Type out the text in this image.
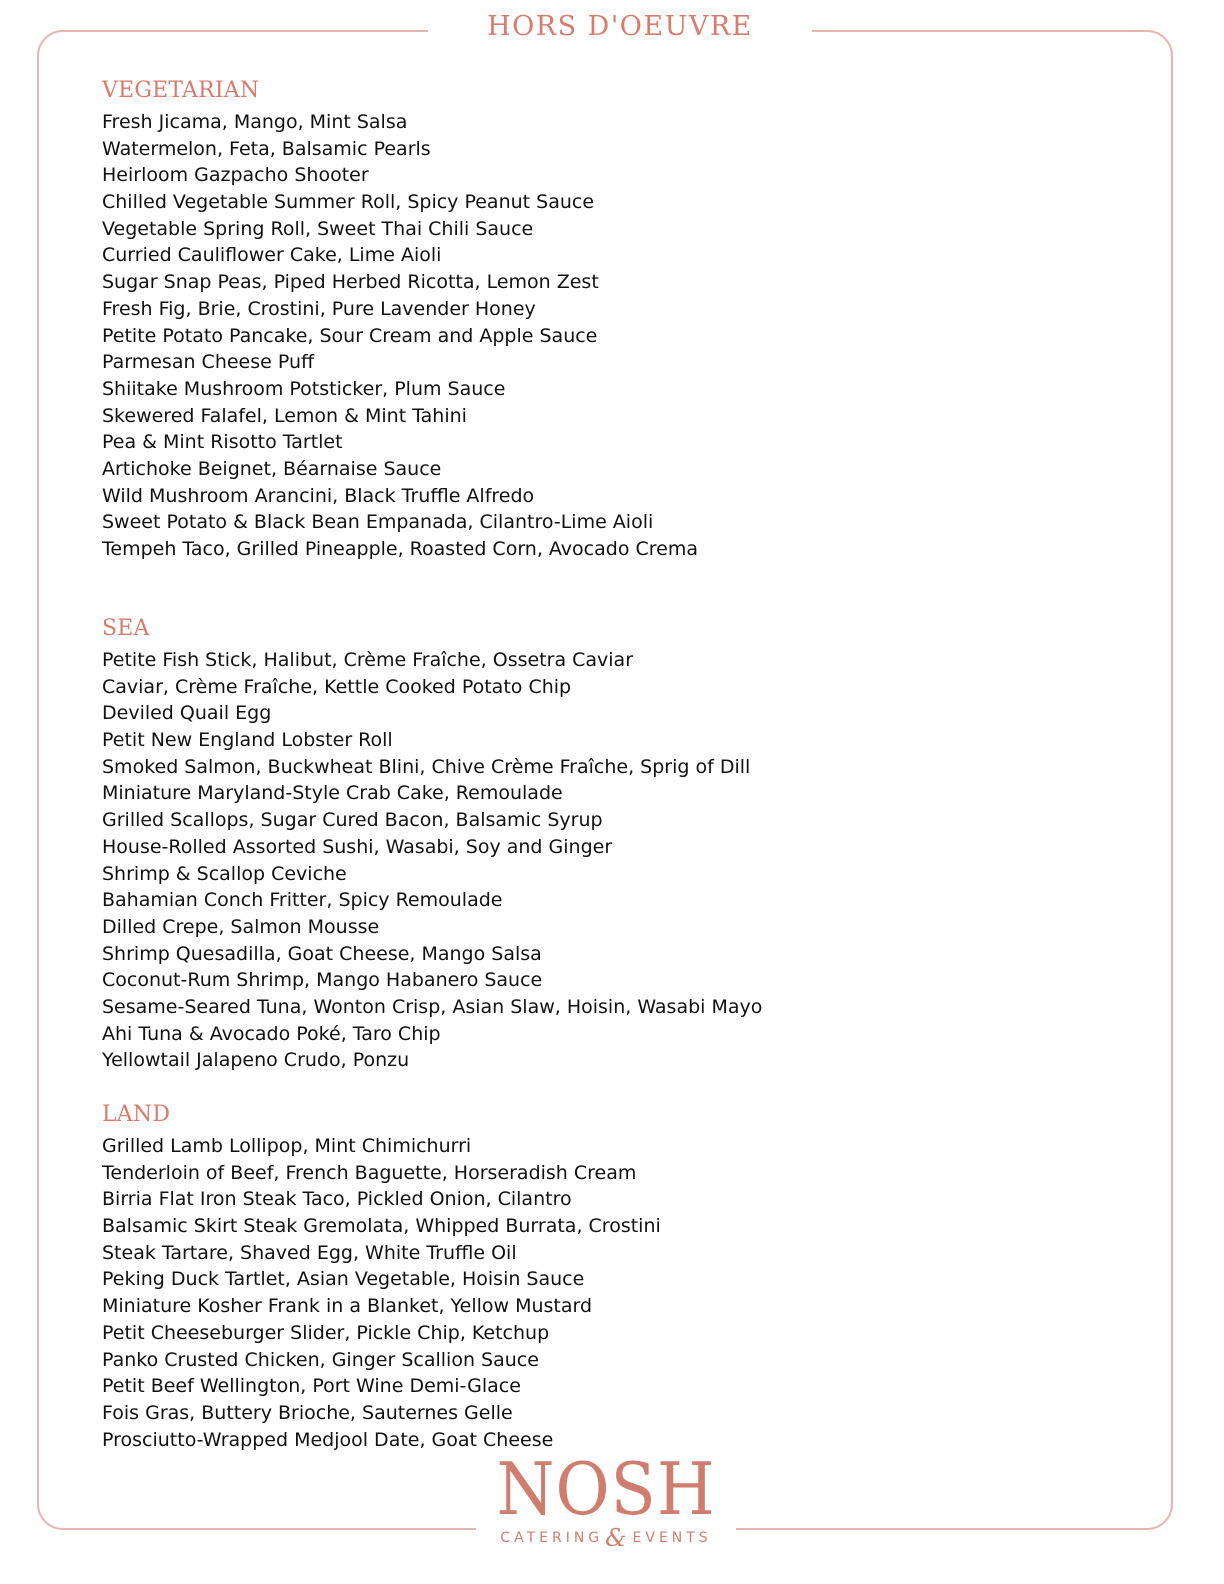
HORS D'OEUVRE
VEGETARIAN
Fresh Jicama, Mango, Mint Salsa
Watermelon, Feta, Balsamic Pearls
Heirloom Gazpacho Shooter
Chilled Vegetable Summer Roll, Spicy Peanut Sauce
Vegetable Spring Roll, Sweet Thai Chili Sauce
Curried Cauliflower Cake, Lime Aioli
Sugar Snap Peas, Piped Herbed Ricotta, Lemon Zest
Fresh Fig, Brie, Crostini, Pure Lavender Honey
Petite Potato Pancake, Sour Cream and Apple Sauce
Parmesan Cheese Puff
Shiitake Mushroom Potsticker, Plum Sauce
Skewered Falafel, Lemon & Mint Tahini
Pea & Mint Risotto Tartlet
Artichoke Beignet, Béarnaise Sauce
Wild Mushroom Arancini, Black Truffle Alfredo
Sweet Potato & Black Bean Empanada, Cilantro-Lime Aioli
Tempeh Taco, Grilled Pineapple, Roasted Corn, Avocado Crema
SEA
Petite Fish Stick, Halibut, Crème Fraîche, Ossetra Caviar
Caviar, Crème Fraîche, Kettle Cooked Potato Chip
Deviled Quail Egg
Petit New England Lobster Roll
Smoked Salmon, Buckwheat Blini, Chive Crème Fraîche, Sprig of Dill
Miniature Maryland-Style Crab Cake, Remoulade
Grilled Scallops, Sugar Cured Bacon, Balsamic Syrup
House-Rolled Assorted Sushi, Wasabi, Soy and Ginger
Shrimp & Scallop Ceviche
Bahamian Conch Fritter, Spicy Remoulade
Dilled Crepe, Salmon Mousse
Shrimp Quesadilla, Goat Cheese, Mango Salsa
Coconut-Rum Shrimp, Mango Habanero Sauce
Sesame-Seared Tuna, Wonton Crisp, Asian Slaw, Hoisin, Wasabi Mayo
Ahi Tuna & Avocado Poké, Taro Chip
Yellowtail Jalapeno Crudo, Ponzu
LAND
Grilled Lamb Lollipop, Mint Chimichurri
Tenderloin of Beef, French Baguette, Horseradish Cream
Birria Flat Iron Steak Taco, Pickled Onion, Cilantro
Balsamic Skirt Steak Gremolata, Whipped Burrata, Crostini
Steak Tartare, Shaved Egg, White Truffle Oil
Peking Duck Tartlet, Asian Vegetable, Hoisin Sauce
Miniature Kosher Frank in a Blanket, Yellow Mustard
Petit Cheeseburger Slider, Pickle Chip, Ketchup
Panko Crusted Chicken, Ginger Scallion Sauce
Petit Beef Wellington, Port Wine Demi-Glace
Fois Gras, Buttery Brioche, Sauternes Gelle
Prosciutto-Wrapped Medjool Date, Goat Cheese
NOSH
CATERING & EVENTS
